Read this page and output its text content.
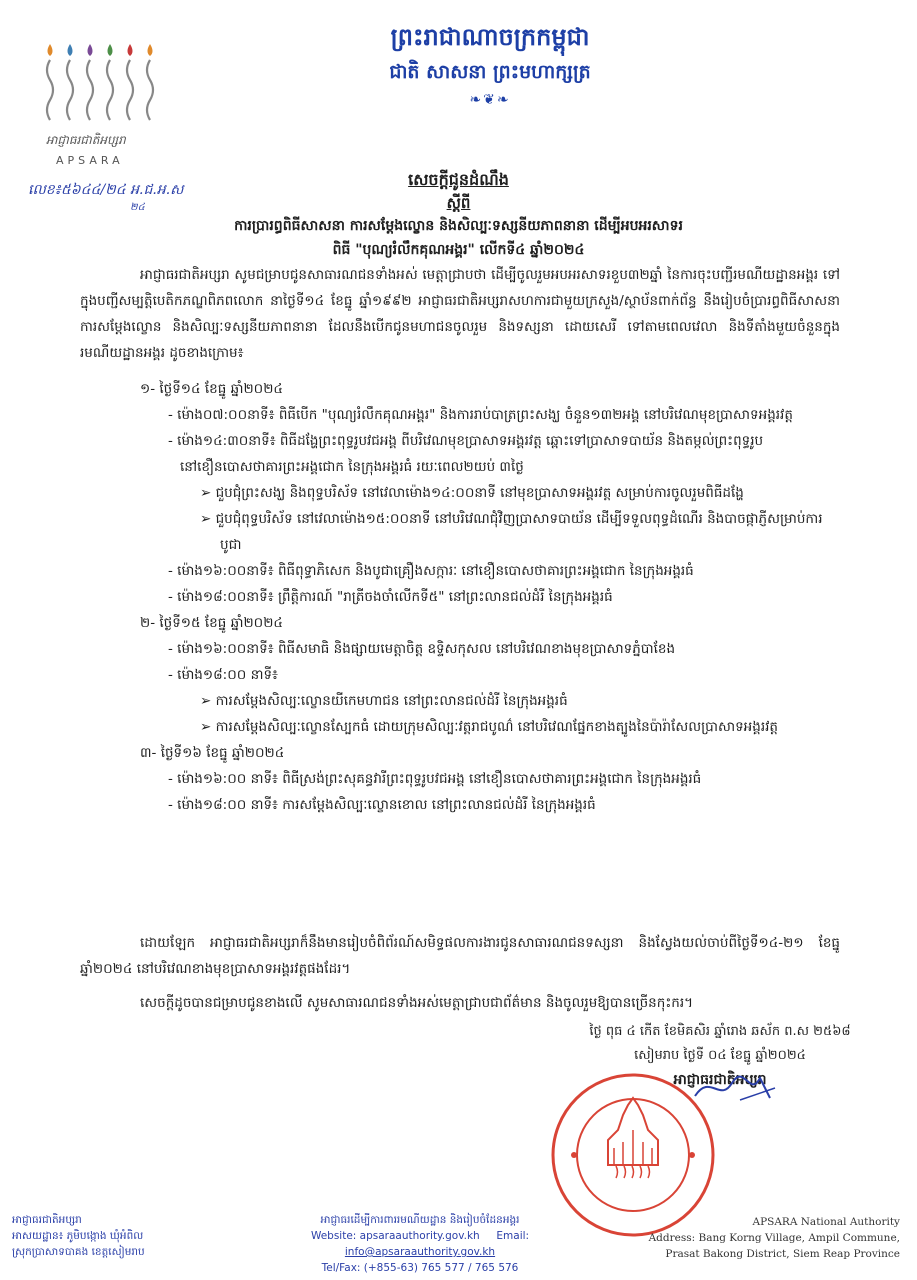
អាជ្ញាធរជាតិអប្សរា
APSARA
ព្រះរាជាណាចក្រកម្ពុជា
ជាតិ សាសនា ព្រះមហាក្សត្រ
❧❦❧
លេខ៖៥៦៤៤/២៤ អ.ជ.អ.ស
២៤
សេចក្ដីជូនដំណឹង
ស្ដីពី
ការប្រារព្ធពិធីសាសនា ការសម្ដែងល្ខោន និងសិល្បៈទស្សនីយភាពនានា ដើម្បីអបអរសាទរ
ពិធី "បុណ្យរំលឹកគុណអង្គរ" លើកទី៤ ឆ្នាំ២០២៤
អាជ្ញាធរជាតិអប្សរា សូមជម្រាបជូនសាធារណជនទាំងអស់ មេត្តាជ្រាបថា ដើម្បីចូលរួមអបអរសាទរខួប៣២ឆ្នាំ នៃការចុះបញ្ជីរមណីយដ្ឋានអង្គរ ទៅក្នុងបញ្ជីសម្បត្តិបេតិកភណ្ឌពិភពលោក នាថ្ងៃទី១៤ ខែធ្នូ ឆ្នាំ១៩៩២ អាជ្ញាធរជាតិអប្សរាសហការជាមួយក្រសួង/ស្ថាប័នពាក់ព័ន្ធ នឹងរៀបចំប្រារព្ធពិធីសាសនា ការសម្ដែងល្ខោន និងសិល្បៈទស្សនីយភាពនានា ដែលនឹងបើកជូនមហាជនចូលរួម និងទស្សនា ដោយសេរី ទៅតាមពេលវេលា និងទីតាំងមួយចំនួនក្នុងរមណីយដ្ឋានអង្គរ ដូចខាងក្រោម៖
១- ថ្ងៃទី១៤ ខែធ្នូ ឆ្នាំ២០២៤
- ម៉ោង០៧:០០នាទី៖ ពិធីបើក "បុណ្យរំលឹកគុណអង្គរ" និងការរាប់បាត្រព្រះសង្ឃ ចំនួន១៣២អង្គ នៅបរិវេណមុខប្រាសាទអង្គរវត្ត
- ម៉ោង១៤:៣០នាទី៖ ពិធីដង្ហែព្រះពុទ្ធរូបវជអង្គ ពីបរិវេណមុខប្រាសាទអង្គរវត្ត ឆ្ពោះទៅប្រាសាទបាយ័ន និងតម្កល់ព្រះពុទ្ធរូបនៅខឿនបោសថាគារព្រះអង្គជោក នៃក្រុងអង្គរធំ រយៈពេល២យប់ ៣ថ្ងៃ
➢ ជួបជុំព្រះសង្ឃ និងពុទ្ធបរិស័ទ នៅវេលាម៉ោង១៤:០០នាទី នៅមុខប្រាសាទអង្គរវត្ត សម្រាប់ការចូលរួមពិធីដង្ហែ
➢ ជួបជុំពុទ្ធបរិស័ទ នៅវេលាម៉ោង១៥:០០នាទី នៅបរិវេណជុំវិញប្រាសាទបាយ័ន ដើម្បីទទួលពុទ្ធដំណើរ និងបាចផ្កាភ្ញីសម្រាប់ការបូជា
- ម៉ោង១៦:០០នាទី៖ ពិធីពុទ្ធាភិសេក និងបូជាគ្រឿងសក្ការៈ នៅខឿនបោសថាគារព្រះអង្គជោក នៃក្រុងអង្គរធំ
- ម៉ោង១៨:០០នាទី៖ ព្រឹត្តិការណ៍ "រាត្រីចងចាំលើកទី៥" នៅព្រះលានជល់ដំរី នៃក្រុងអង្គរធំ
២- ថ្ងៃទី១៥ ខែធ្នូ ឆ្នាំ២០២៤
- ម៉ោង១៦:០០នាទី៖ ពិធីសមាធិ និងផ្សាយមេត្តាចិត្ត ឧទ្ទិសកុសល នៅបរិវេណខាងមុខប្រាសាទភ្នំបាខែង
- ម៉ោង១៨:០០ នាទី៖
➢ ការសម្ដែងសិល្បៈល្ខោនយីកេមហាជន នៅព្រះលានជល់ដំរី នៃក្រុងអង្គរធំ
➢ ការសម្ដែងសិល្បៈល្ខោនស្បែកធំ ដោយក្រុមសិល្បៈវត្តរាជបូណ៌ នៅបរិវេណផ្នែកខាងត្បូងនៃប៉ារ៉ាសែលប្រាសាទអង្គរវត្ត
៣- ថ្ងៃទី១៦ ខែធ្នូ ឆ្នាំ២០២៤
- ម៉ោង១៦:០០ នាទី៖ ពិធីស្រង់ព្រះសុគន្ធវារីព្រះពុទ្ធរូបវជអង្គ នៅខឿនបោសថាគារព្រះអង្គជោក នៃក្រុងអង្គរធំ
- ម៉ោង១៨:០០ នាទី៖ ការសម្ដែងសិល្បៈល្ខោនខោល នៅព្រះលានជល់ដំរី នៃក្រុងអង្គរធំ
ដោយឡែក អាជ្ញាធរជាតិអប្សរាក៏នឹងមានរៀបចំពិព័រណ៍សមិទ្ធផលការងារជូនសាធារណជនទស្សនា និងស្វែងយល់ចាប់ពីថ្ងៃទី១៤-២១ ខែធ្នូ ឆ្នាំ២០២៤ នៅបរិវេណខាងមុខប្រាសាទអង្គរវត្តផងដែរ។
សេចក្ដីដូចបានជម្រាបជូនខាងលើ សូមសាធារណជនទាំងអស់មេត្តាជ្រាបជាព័ត៌មាន និងចូលរួមឱ្យបានច្រើនកុះករ។
ថ្ងៃ ពុធ ៤ កើត ខែមិគសិរ ឆ្នាំរោង ឆស័ក ព.ស ២៥៦៨
សៀមរាប ថ្ងៃទី ០៤ ខែធ្នូ ឆ្នាំ២០២៤
អាជ្ញាធរជាតិអប្សរា
អាជ្ញាធរជាតិអប្សរា
អាសយដ្ឋាន៖ ភូមិបង្កោង ឃុំអំពិល
ស្រុកប្រាសាទបាគង ខេត្តសៀមរាប
អាជ្ញាធរដើម្បីការពាររមណីយដ្ឋាន និងរៀបចំដែនអង្គរ
Website: apsaraauthority.gov.kh Email: info@apsaraauthority.gov.kh
Tel/Fax: (+855-63) 765 577 / 765 576
APSARA National Authority
Address: Bang Korng Village, Ampil Commune,
Prasat Bakong District, Siem Reap Province
